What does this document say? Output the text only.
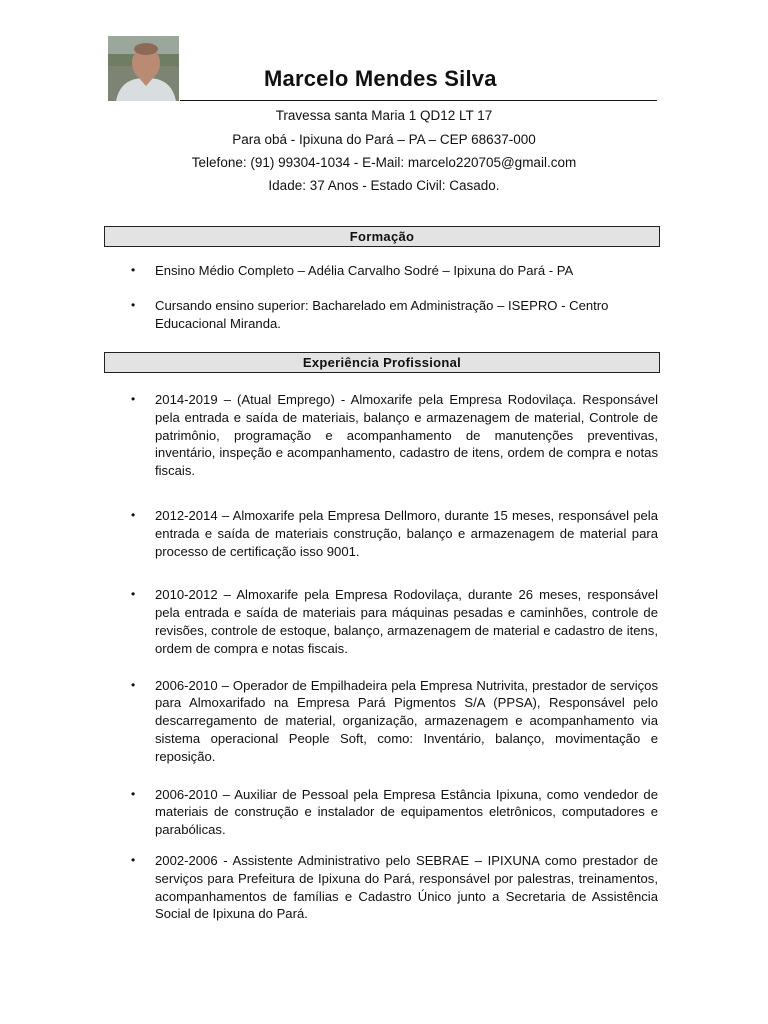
Marcelo Mendes Silva
Travessa santa Maria 1 QD12 LT 17
Para obá - Ipixuna do Pará – PA – CEP 68637-000
Telefone: (91) 99304-1034 - E-Mail: marcelo220705@gmail.com
Idade: 37 Anos - Estado Civil: Casado.
Formação
• Ensino Médio Completo – Adélia Carvalho Sodré – Ipixuna do Pará - PA
• Cursando ensino superior: Bacharelado em Administração – ISEPRO - Centro Educacional Miranda.
Experiência Profissional
• 2014-2019 – (Atual Emprego) - Almoxarife pela Empresa Rodovilaça. Responsável pela entrada e saída de materiais, balanço e armazenagem de material, Controle de patrimônio, programação e acompanhamento de manutenções preventivas, inventário, inspeção e acompanhamento, cadastro de itens, ordem de compra e notas fiscais.
• 2012-2014 – Almoxarife pela Empresa Dellmoro, durante 15 meses, responsável pela entrada e saída de materiais construção, balanço e armazenagem de material para processo de certificação isso 9001.
• 2010-2012 – Almoxarife pela Empresa Rodovilaça, durante 26 meses, responsável pela entrada e saída de materiais para máquinas pesadas e caminhões, controle de revisões, controle de estoque, balanço, armazenagem de material e cadastro de itens, ordem de compra e notas fiscais.
• 2006-2010 – Operador de Empilhadeira pela Empresa Nutrivita, prestador de serviços para Almoxarifado na Empresa Pará Pigmentos S/A (PPSA), Responsável pelo descarregamento de material, organização, armazenagem e acompanhamento via sistema operacional People Soft, como: Inventário, balanço, movimentação e reposição.
• 2006-2010 – Auxiliar de Pessoal pela Empresa Estância Ipixuna, como vendedor de materiais de construção e instalador de equipamentos eletrônicos, computadores e parabólicas.
• 2002-2006 - Assistente Administrativo pelo SEBRAE – IPIXUNA como prestador de serviços para Prefeitura de Ipixuna do Pará, responsável por palestras, treinamentos, acompanhamentos de famílias e Cadastro Único junto a Secretaria de Assistência Social de Ipixuna do Pará.
